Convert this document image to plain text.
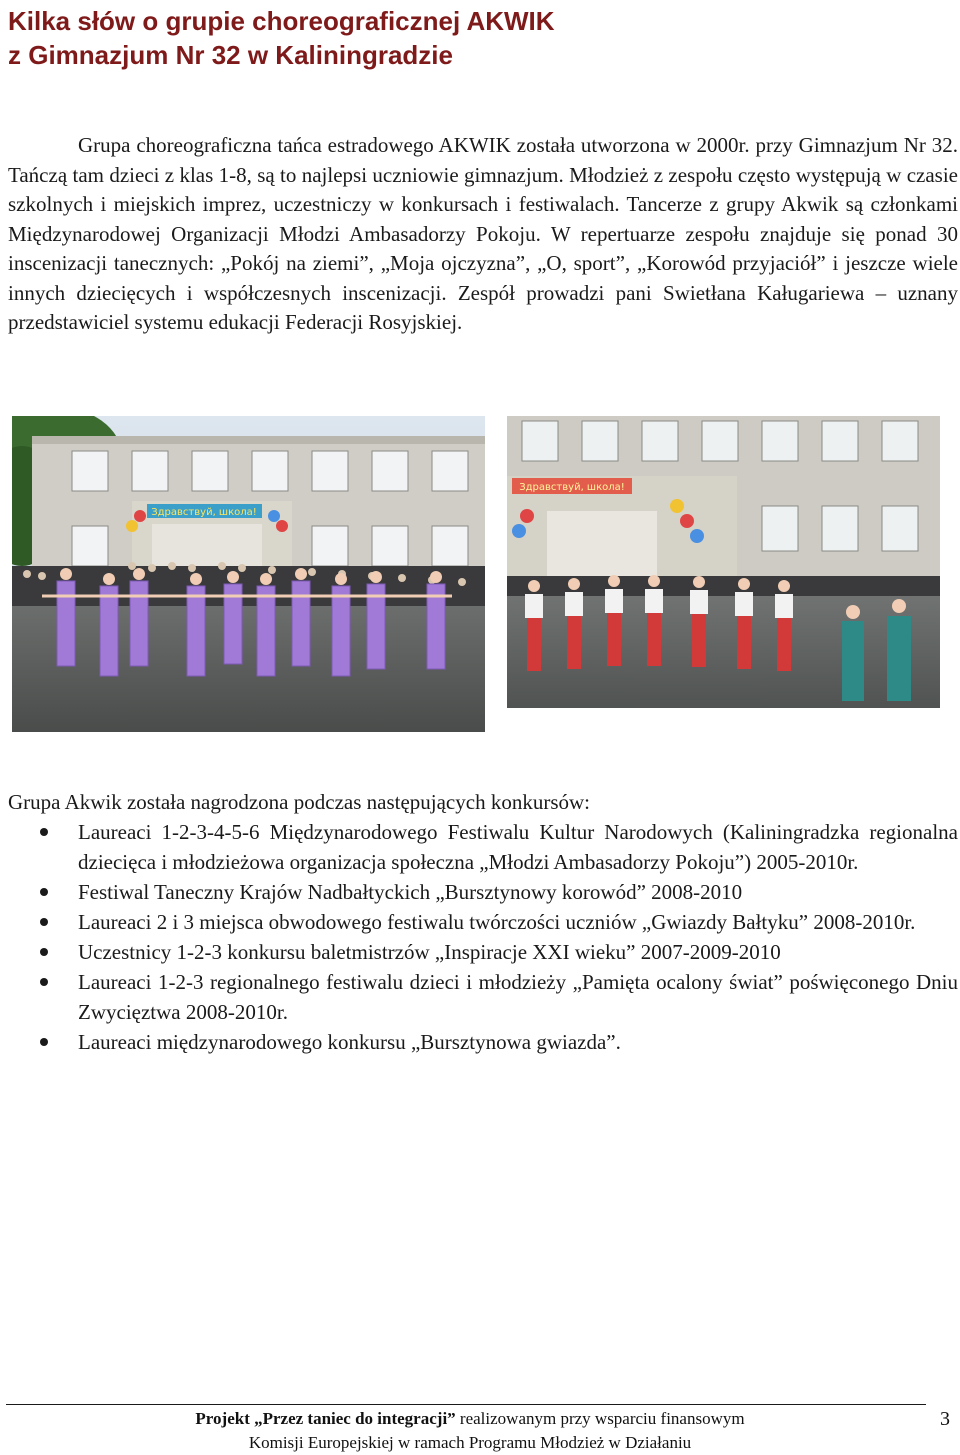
Kilka słów o grupie choreograficznej AKWIK
z Gimnazjum Nr 32 w Kaliningradzie

Grupa choreograficzna tańca estradowego AKWIK została utworzona w 2000r. przy Gimnazjum Nr 32. Tańczą tam dzieci z klas 1-8, są to najlepsi uczniowie gimnazjum. Młodzież z zespołu często występują w czasie szkolnych i miejskich imprez, uczestniczy w konkursach i festiwalach. Tancerze z grupy Akwik są członkami Międzynarodowej Organizacji Młodzi Ambasadorzy Pokoju. W repertuarze zespołu znajduje się ponad 30 inscenizacji tanecznych: „Pokój na ziemi”, „Moja ojczyzna”, „O, sport”, „Korowód przyjaciół” i jeszcze wiele innych dziecięcych i współczesnych inscenizacji. Zespół prowadzi pani Swietłana Kaługariewa – uznany przedstawiciel systemu edukacji Federacji Rosyjskiej.

Здравствуй, школа!
Здравствуй, школа!

Grupa Akwik została nagrodzona podczas następujących konkursów:

Laureaci 1-2-3-4-5-6 Międzynarodowego Festiwalu Kultur Narodowych (Kaliningradzka regionalna dziecięca i młodzieżowa organizacja społeczna „Młodzi Ambasadorzy Pokoju”) 2005-2010r.
Festiwal Taneczny Krajów Nadbałtyckich „Bursztynowy korowód” 2008-2010
Laureaci 2 i 3 miejsca obwodowego festiwalu twórczości uczniów „Gwiazdy Bałtyku” 2008-2010r.
Uczestnicy 1-2-3 konkursu baletmistrzów „Inspiracje XXI wieku” 2007-2009-2010
Laureaci 1-2-3 regionalnego festiwalu dzieci i młodzieży „Pamięta ocalony świat” poświęconego Dniu Zwycięztwa 2008-2010r.
Laureaci międzynarodowego konkursu „Bursztynowa gwiazda”.
Projekt „Przez taniec do integracji” realizowanym przy wsparciu finansowym
Komisji Europejskiej w ramach Programu Młodzież w Działaniu
3
